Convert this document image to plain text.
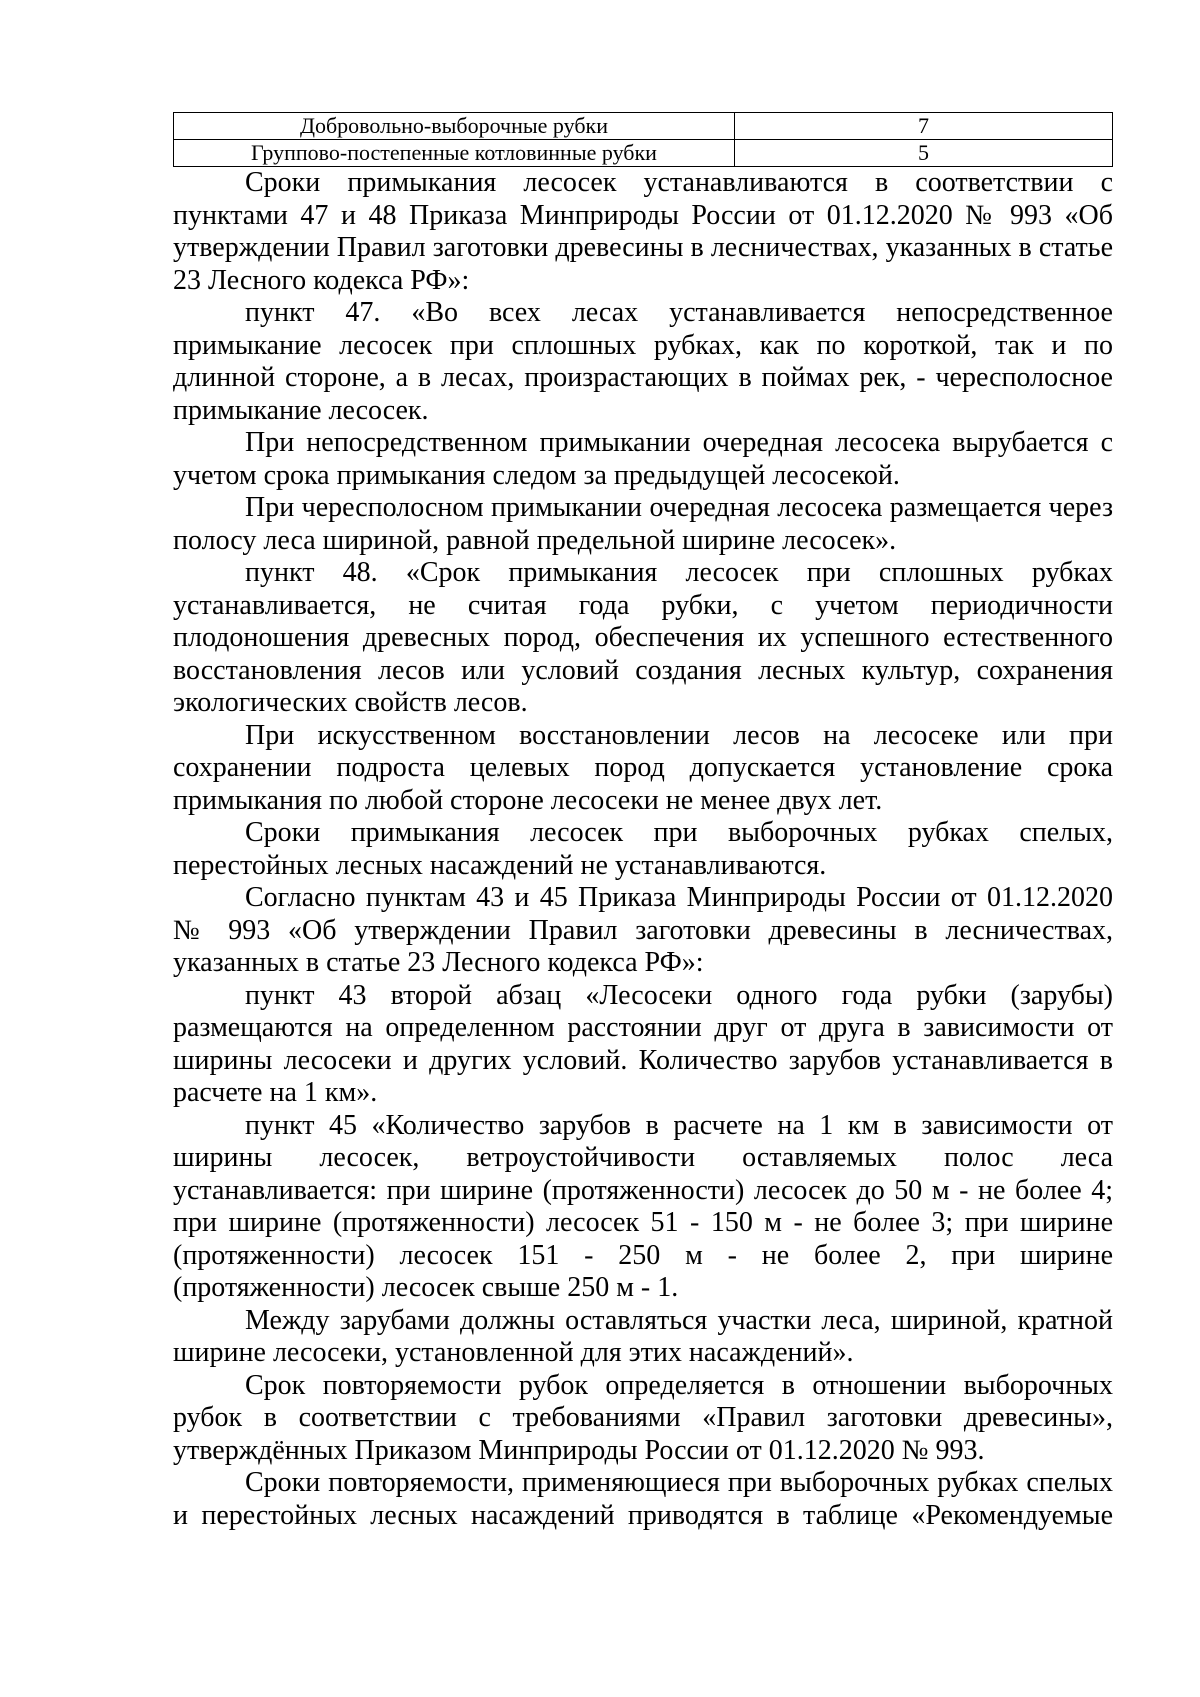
Добровольно-выборочные рубки	7
Группово-постепенные котловинные рубки	5

Сроки примыкания лесосек устанавливаются в соответствии с пунктами 47 и 48 Приказа Минприроды России от 01.12.2020 № 993 «Об утверждении Правил заготовки древесины в лесничествах, указанных в статье 23 Лесного кодекса РФ»:

пункт 47. «Во всех лесах устанавливается непосредственное примыкание лесосек при сплошных рубках, как по короткой, так и по длинной стороне, а в лесах, произрастающих в поймах рек, - чересполосное примыкание лесосек.

При непосредственном примыкании очередная лесосека вырубается с учетом срока примыкания следом за предыдущей лесосекой.

При чересполосном примыкании очередная лесосека размещается через полосу леса шириной, равной предельной ширине лесосек».

пункт 48. «Срок примыкания лесосек при сплошных рубках устанавливается, не считая года рубки, с учетом периодичности плодоношения древесных пород, обеспечения их успешного естественного восстановления лесов или условий создания лесных культур, сохранения экологических свойств лесов.

При искусственном восстановлении лесов на лесосеке или при сохранении подроста целевых пород допускается установление срока примыкания по любой стороне лесосеки не менее двух лет.

Сроки примыкания лесосек при выборочных рубках спелых, перестойных лесных насаждений не устанавливаются.

Согласно пунктам 43 и 45 Приказа Минприроды России от 01.12.2020 № 993 «Об утверждении Правил заготовки древесины в лесничествах, указанных в статье 23 Лесного кодекса РФ»:

пункт 43 второй абзац «Лесосеки одного года рубки (зарубы) размещаются на определенном расстоянии друг от друга в зависимости от ширины лесосеки и других условий. Количество зарубов устанавливается в расчете на 1 км».

пункт 45 «Количество зарубов в расчете на 1 км в зависимости от ширины лесосек, ветроустойчивости оставляемых полос леса устанавливается: при ширине (протяженности) лесосек до 50 м - не более 4; при ширине (протяженности) лесосек 51 - 150 м - не более 3; при ширине (протяженности) лесосек 151 - 250 м - не более 2, при ширине (протяженности) лесосек свыше 250 м - 1.

Между зарубами должны оставляться участки леса, шириной, кратной ширине лесосеки, установленной для этих насаждений».

Срок повторяемости рубок определяется в отношении выборочных рубок в соответствии с требованиями «Правил заготовки древесины», утверждённых Приказом Минприроды России от 01.12.2020 № 993.

Сроки повторяемости, применяющиеся при выборочных рубках спелых и перестойных лесных насаждений приводятся в таблице «Рекомендуемые
